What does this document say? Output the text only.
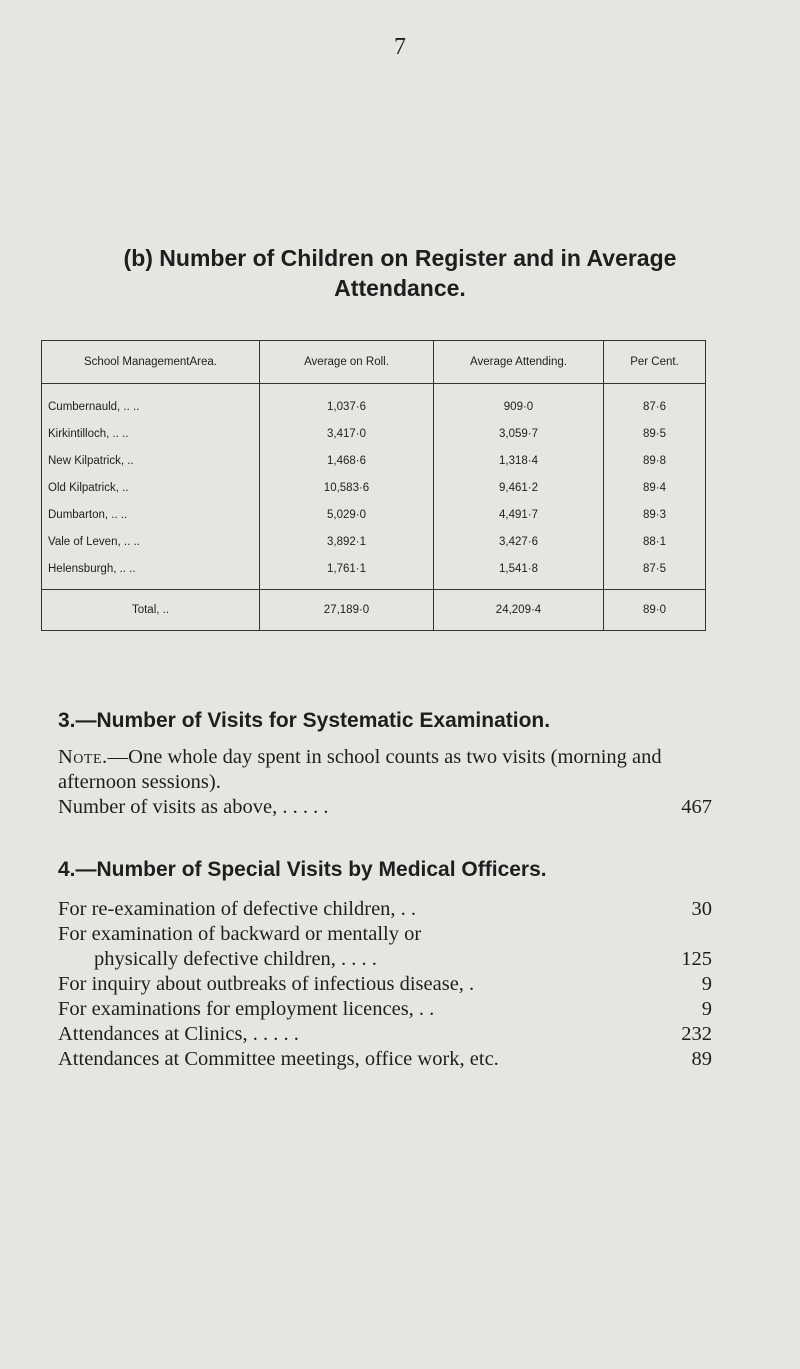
7
(b) Number of Children on Register and in Average
Attendance.
School ManagementArea.	Average on Roll.	Average Attending.	Per Cent.
Cumbernauld, .. ..	1,037·6	909·0	87·6
Kirkintilloch, .. ..	3,417·0	3,059·7	89·5
New Kilpatrick, ..	1,468·6	1,318·4	89·8
Old Kilpatrick, ..	10,583·6	9,461·2	89·4
Dumbarton, .. ..	5,029·0	4,491·7	89·3
Vale of Leven, .. ..	3,892·1	3,427·6	88·1
Helensburgh, .. ..	1,761·1	1,541·8	87·5
Total, ..	27,189·0	24,209·4	89·0
3.—Number of Visits for Systematic Examination.
Note.—One whole day spent in school counts as two visits (morning and afternoon sessions).
Number of visits as above, . . . . .	467
4.—Number of Special Visits by Medical Officers.
For re-examination of defective children, . .	30
For examination of backward or mentally or
physically defective children, . . . .	125
For inquiry about outbreaks of infectious disease, .	9
For examinations for employment licences, . .	9
Attendances at Clinics, . . . . .	232
Attendances at Committee meetings, office work, etc.	89
